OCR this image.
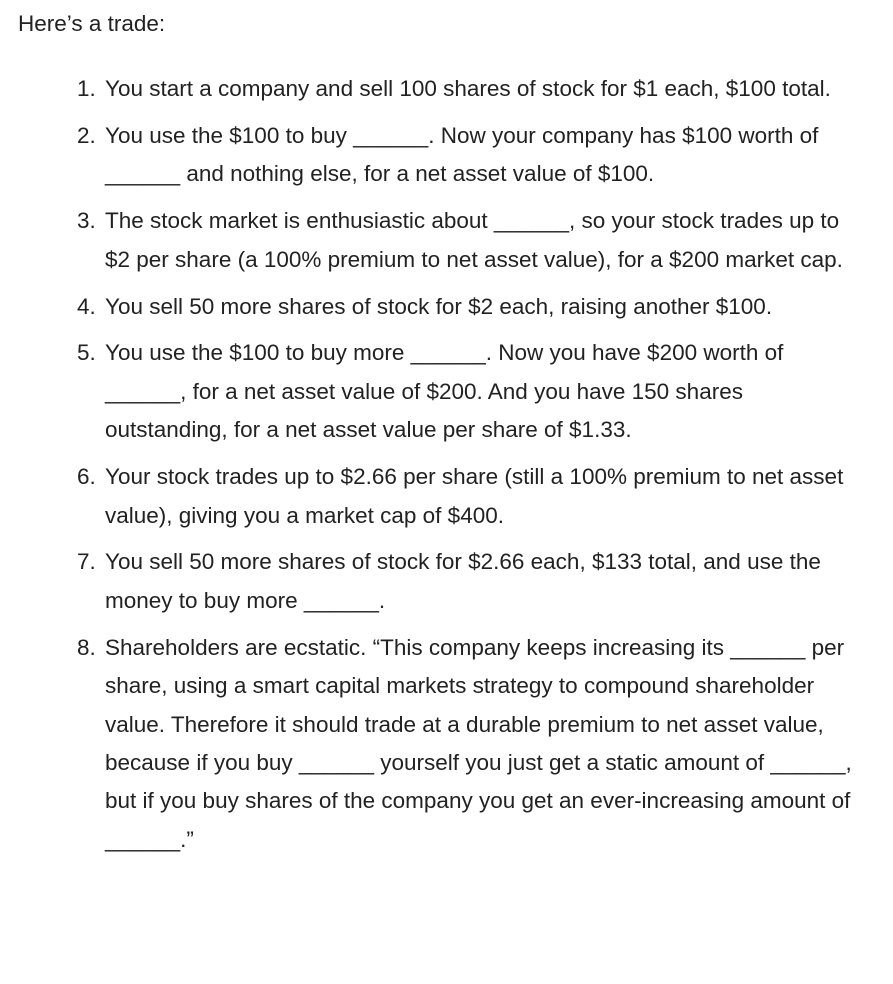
Here’s a trade:

1. You start a company and sell 100 shares of stock for $1 each, $100 total.
2. You use the $100 to buy ______. Now your company has $100 worth of ______ and nothing else, for a net asset value of $100.
3. The stock market is enthusiastic about ______, so your stock trades up to $2 per share (a 100% premium to net asset value), for a $200 market cap.
4. You sell 50 more shares of stock for $2 each, raising another $100.
5. You use the $100 to buy more ______. Now you have $200 worth of ______, for a net asset value of $200. And you have 150 shares outstanding, for a net asset value per share of $1.33.
6. Your stock trades up to $2.66 per share (still a 100% premium to net asset value), giving you a market cap of $400.
7. You sell 50 more shares of stock for $2.66 each, $133 total, and use the money to buy more ______.
8. Shareholders are ecstatic. “This company keeps increasing its ______ per share, using a smart capital markets strategy to compound shareholder value. Therefore it should trade at a durable premium to net asset value, because if you buy ______ yourself you just get a static amount of ______, but if you buy shares of the company you get an ever-increasing amount of ______.”
